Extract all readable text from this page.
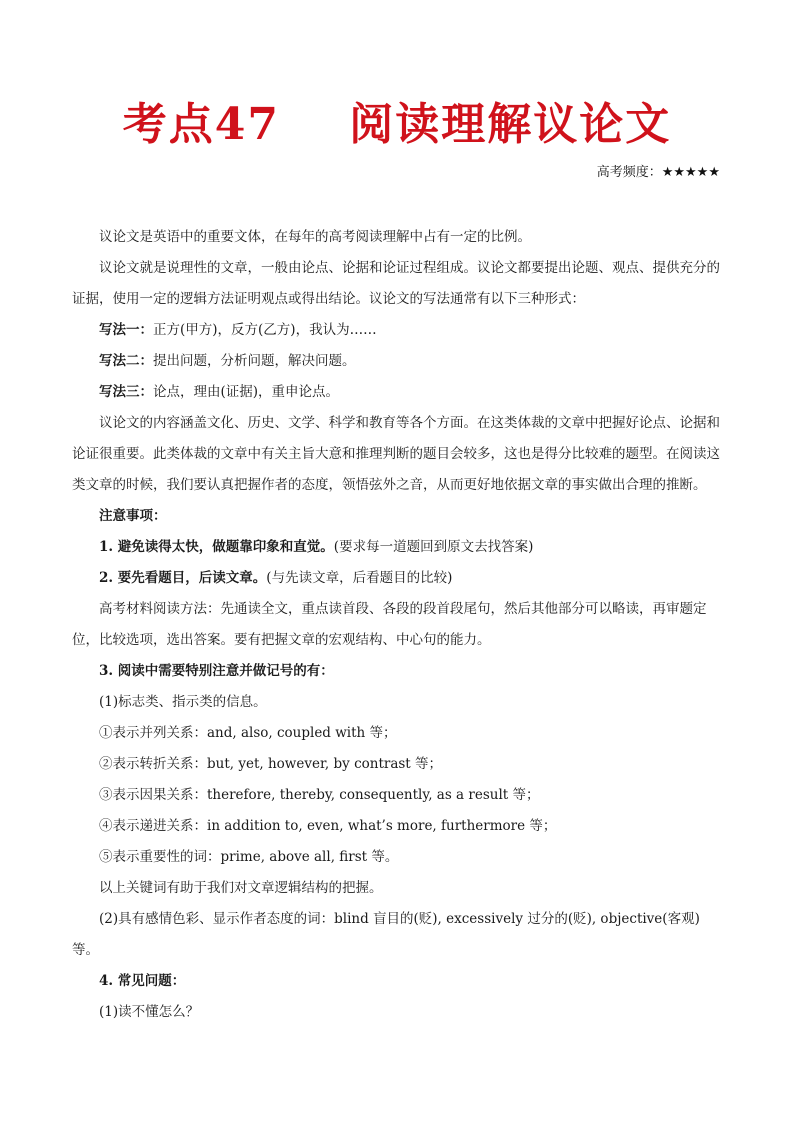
考点47    阅读理解议论文
高考频度：★★★★★

议论文是英语中的重要文体，在每年的高考阅读理解中占有一定的比例。

议论文就是说理性的文章，一般由论点、论据和论证过程组成。议论文都要提出论题、观点、提供充分的证据，使用一定的逻辑方法证明观点或得出结论。议论文的写法通常有以下三种形式：

写法一：正方(甲方)，反方(乙方)，我认为……

写法二：提出问题，分析问题，解决问题。

写法三：论点，理由(证据)，重申论点。

议论文的内容涵盖文化、历史、文学、科学和教育等各个方面。在这类体裁的文章中把握好论点、论据和论证很重要。此类体裁的文章中有关主旨大意和推理判断的题目会较多，这也是得分比较难的题型。在阅读这类文章的时候，我们要认真把握作者的态度，领悟弦外之音，从而更好地依据文章的事实做出合理的推断。

注意事项：

1. 避免读得太快，做题靠印象和直觉。(要求每一道题回到原文去找答案)

2. 要先看题目，后读文章。(与先读文章，后看题目的比较)

高考材料阅读方法：先通读全文，重点读首段、各段的段首段尾句，然后其他部分可以略读，再审题定位，比较选项，选出答案。要有把握文章的宏观结构、中心句的能力。

3. 阅读中需要特别注意并做记号的有：

(1)标志类、指示类的信息。

①表示并列关系：and, also, coupled with 等；

②表示转折关系：but, yet, however, by contrast 等；

③表示因果关系：therefore, thereby, consequently, as a result 等；

④表示递进关系：in addition to, even, what’s more, furthermore 等；

⑤表示重要性的词：prime, above all, first 等。

以上关键词有助于我们对文章逻辑结构的把握。

(2)具有感情色彩、显示作者态度的词：blind 盲目的(贬), excessively 过分的(贬), objective(客观)等。

4. 常见问题：

(1)读不懂怎么？
